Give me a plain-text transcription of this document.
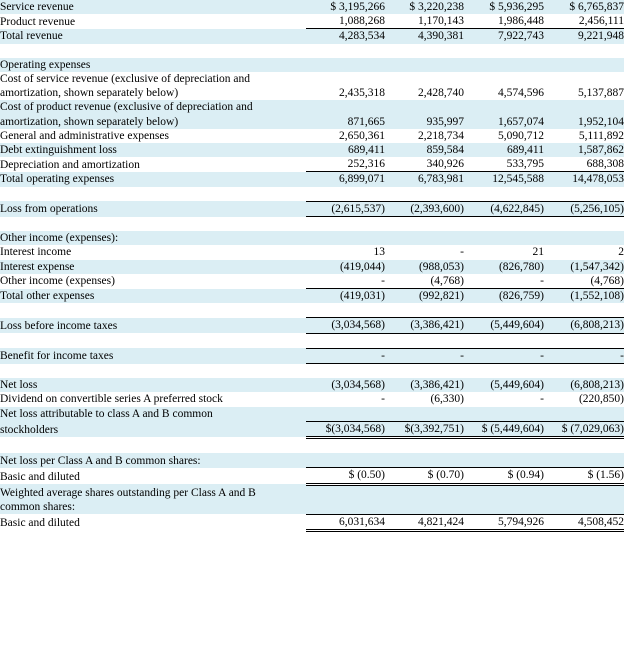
Service revenue	$ 3,195,266	$ 3,220,238	$ 5,936,295	$ 6,765,837
Product revenue	1,088,268	1,170,143	1,986,448	2,456,111
Total revenue	4,283,534	4,390,381	7,922,743	9,221,948

Operating expenses				
Cost of service revenue (exclusive of depreciation and				
amortization, shown separately below)	2,435,318	2,428,740	4,574,596	5,137,887
Cost of product revenue (exclusive of depreciation and				
amortization, shown separately below)	871,665	935,997	1,657,074	1,952,104
General and administrative expenses	2,650,361	2,218,734	5,090,712	5,111,892
Debt extinguishment loss	689,411	859,584	689,411	1,587,862
Depreciation and amortization	252,316	340,926	533,795	688,308
Total operating expenses	6,899,071	6,783,981	12,545,588	14,478,053

Loss from operations	(2,615,537)	(2,393,600)	(4,622,845)	(5,256,105)

Other income (expenses):				
Interest income	13	-	21	2
Interest expense	(419,044)	(988,053)	(826,780)	(1,547,342)
Other income (expenses)	-	(4,768)	-	(4,768)
Total other expenses	(419,031)	(992,821)	(826,759)	(1,552,108)

Loss before income taxes	(3,034,568)	(3,386,421)	(5,449,604)	(6,808,213)

Benefit for income taxes	-	-	-	-

Net loss	(3,034,568)	(3,386,421)	(5,449,604)	(6,808,213)
Dividend on convertible series A preferred stock	-	(6,330)	-	(220,850)
Net loss attributable to class A and B common				
stockholders	$(3,034,568)	$(3,392,751)	$ (5,449,604)	$ (7,029,063)

Net loss per Class A and B common shares:				
Basic and diluted	$ (0.50)	$ (0.70)	$ (0.94)	$ (1.56)
Weighted average shares outstanding per Class A and B				
common shares:				
Basic and diluted	6,031,634	4,821,424	5,794,926	4,508,452
